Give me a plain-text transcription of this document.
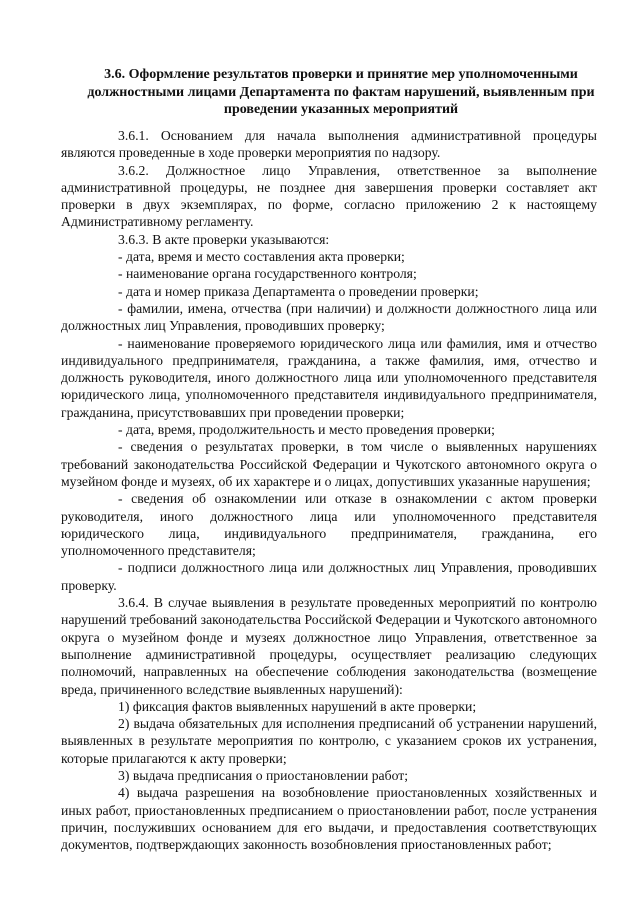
3.6. Оформление результатов проверки и принятие мер уполномоченными
должностными лицами Департамента по фактам нарушений, выявленным при
проведении указанных мероприятий

3.6.1. Основанием для начала выполнения административной процедуры являются проведенные в ходе проверки мероприятия по надзору.

3.6.2. Должностное лицо Управления, ответственное за выполнение административной процедуры, не позднее дня завершения проверки составляет акт проверки в двух экземплярах, по форме, согласно приложению 2 к настоящему Административному регламенту.

3.6.3. В акте проверки указываются:

- дата, время и место составления акта проверки;

- наименование органа государственного контроля;

- дата и номер приказа Департамента о проведении проверки;

- фамилии, имена, отчества (при наличии) и должности должностного лица или должностных лиц Управления, проводивших проверку;

- наименование проверяемого юридического лица или фамилия, имя и отчество индивидуального предпринимателя, гражданина, а также фамилия, имя, отчество и должность руководителя, иного должностного лица или уполномоченного представителя юридического лица, уполномоченного представителя индивидуального предпринимателя, гражданина, присутствовавших при проведении проверки;

- дата, время, продолжительность и место проведения проверки;

- сведения о результатах проверки, в том числе о выявленных нарушениях требований законодательства Российской Федерации и Чукотского автономного округа о музейном фонде и музеях, об их характере и о лицах, допустивших указанные нарушения;

- сведения об ознакомлении или отказе в ознакомлении с актом проверки руководителя, иного должностного лица или уполномоченного представителя юридического лица, индивидуального предпринимателя, гражданина, его уполномоченного представителя;

- подписи должностного лица или должностных лиц Управления, проводивших проверку.

3.6.4. В случае выявления в результате проведенных мероприятий по контролю нарушений требований законодательства Российской Федерации и Чукотского автономного округа о музейном фонде и музеях должностное лицо Управления, ответственное за выполнение административной процедуры, осуществляет реализацию следующих полномочий, направленных на обеспечение соблюдения законодательства (возмещение вреда, причиненного вследствие выявленных нарушений):

1) фиксация фактов выявленных нарушений в акте проверки;

2) выдача обязательных для исполнения предписаний об устранении нарушений, выявленных в результате мероприятия по контролю, с указанием сроков их устранения, которые прилагаются к акту проверки;

3) выдача предписания о приостановлении работ;

4) выдача разрешения на возобновление приостановленных хозяйственных и иных работ, приостановленных предписанием о приостановлении работ, после устранения причин, послуживших основанием для его выдачи, и предоставления соответствующих документов, подтверждающих законность возобновления приостановленных работ;
